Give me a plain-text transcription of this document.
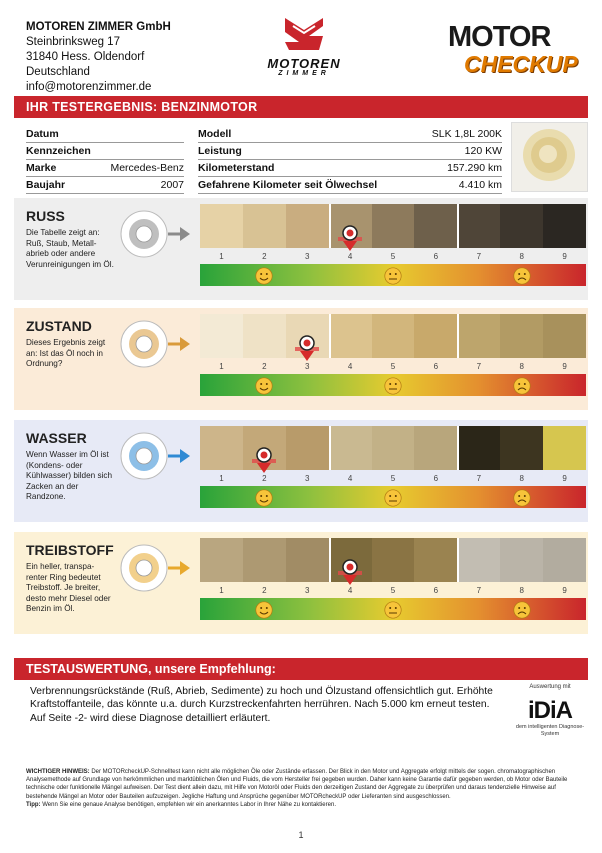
MOTOREN ZIMMER GmbH
Steinbrinksweg 17
31840 Hess. Oldendorf
Deutschland
info@motorenzimmer.de
MOTOREN
ZIMMER
MOTOR
CHECKUP
IHR TESTERGEBNIS: BENZINMOTOR
Datum
Kennzeichen
Marke	Mercedes-Benz
Baujahr	2007
Modell	SLK 1,8L 200K
Leistung	120 KW
Kilometerstand	157.290 km
Gefahrene Kilometer seit Ölwechsel	4.410 km
RUSS
Die Tabelle zeigt an: Ruß, Staub, Metall-abrieb oder andere Verunreinigungen im Öl.
1	2	3	4	5	6	7	8	9
ZUSTAND
Dieses Ergebnis zeigt an: Ist das Öl noch in Ordnung?	1	2	3	4	5	6	7	8	9
WASSER
Wenn Wasser im Öl ist (Kondens- oder Kühlwasser) bilden sich Zacken an der Randzone.
1	2	3	4	5	6	7	8	9
TREIBSTOFF
Ein heller, transpa-renter Ring bedeutet Treibstoff. Je breiter, desto mehr Diesel oder Benzin im Öl.
1	2	3	4	5	6	7	8	9
TESTAUSWERTUNG, unsere Empfehlung:

Verbrennungsrückstände (Ruß, Abrieb, Sedimente) zu hoch und Ölzustand offensichtlich gut. Erhöhte Kraftstoffanteile, das könnte u.a. durch Kurzstreckenfahrten herrühren. Nach 5.000 km erneut testen.

Auf Seite -2- wird diese Diagnose detailliert erläutert.

Auswertung mit
iDiA
dem intelligenten Diagnose-System
WICHTIGER HINWEIS: Der MOTORcheckUP-Schnelltest kann nicht alle möglichen Öle oder Zustände erfassen. Der Blick in den Motor und Aggregate erfolgt mittels der sogen. chromatographischen Analysemethode auf Grundlage von herkömmlichen und marktüblichen Ölen und Fluids, die vom Hersteller frei gegeben wurden. Daher kann keine Garantie dafür gegeben werden, ob Motor oder Bauteile technische oder funktionelle Mängel aufweisen. Der Test dient allein dazu, mit Hilfe von Motoröl oder Fluids den derzeitigen Zustand der Aggregate zu überprüfen und daraus tendenzielle Hinweise auf bestehende Mängel an Motor oder Bauteilen aufzuzeigen. Jegliche Haftung und Ansprüche gegenüber MOTORcheckUP oder Lieferanten sind ausgeschlossen.
Tipp: Wenn Sie eine genaue Analyse benötigen, empfehlen wir ein anerkanntes Labor in Ihrer Nähe zu kontaktieren.
1
